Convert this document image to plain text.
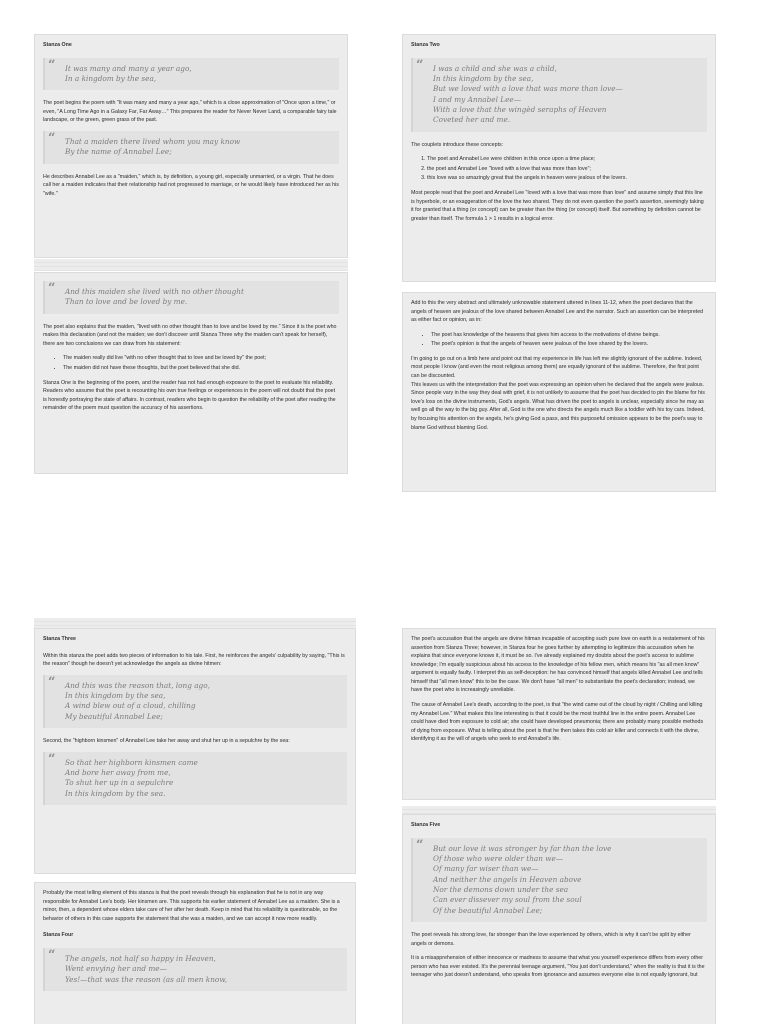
Stanza One
“ It was many and many a year ago,
In a kingdom by the sea,

The poet begins the poem with "It was many and many a year ago," which is a close approximation of "Once upon a time," or even, "A Long Time Ago in a Galaxy Far, Far Away…" This prepares the reader for Never Never Land, a comparable fairy tale landscape, or the green, green grass of the past.

“ That a maiden there lived whom you may know
By the name of Annabel Lee;

He describes Annabel Lee as a "maiden," which is, by definition, a young girl, especially unmarried, or a virgin. That he does call her a maiden indicates that their relationship had not progressed to marriage, or he would likely have introduced her as his "wife."

“ And this maiden she lived with no other thought
Than to love and be loved by me.

The poet also explains that the maiden, "lived with no other thought than to love and be loved by me." Since it is the poet who makes this declaration (and not the maiden; we don't discover until Stanza Three why the maiden can't speak for herself), there are two conclusions we can draw from his statement:

• The maiden really did live "with no other thought that to love and be loved by" the poet;
• The maiden did not have these thoughts, but the poet believed that she did.

Stanza One is the beginning of the poem, and the reader has not had enough exposure to the poet to evaluate his reliability. Readers who assume that the poet is recounting his own true feelings or experiences in the poem will not doubt that the poet is honestly portraying the state of affairs. In contrast, readers who begin to question the reliability of the poet after reading the remainder of the poem must question the accuracy of his assertions.

Stanza Two
“ I was a child and she was a child,
In this kingdom by the sea,
But we loved with a love that was more than love—
I and my Annabel Lee—
With a love that the wingèd seraphs of Heaven
Coveted her and me.

The couplets introduce these concepts:

1. The poet and Annabel Lee were children in this once upon a time place;
2. the poet and Annabel Lee "loved with a love that was more than love";
3. this love was so amazingly great that the angels in heaven were jealous of the lovers.

Most people read that the poet and Annabel Lee "loved with a love that was more than love" and assume simply that this line is hyperbole, or an exaggeration of the love the two shared. They do not even question the poet's assertion, seemingly taking it for granted that a thing (or concept) can be greater than the thing (or concept) itself. But something by definition cannot be greater than itself. The formula 1 > 1 results in a logical error.

Add to this the very abstract and ultimately unknowable statement uttered in lines 11-12, when the poet declares that the angels of heaven are jealous of the love shared between Annabel Lee and the narrator. Such an assertion can be interpreted as either fact or opinion, as in:

• The poet has knowledge of the heavens that gives him access to the motivations of divine beings.
• The poet's opinion is that the angels of heaven were jealous of the love shared by the lovers.

I'm going to go out on a limb here and point out that my experience in life has left me slightly ignorant of the sublime. Indeed, most people I know (and even the most religious among them) are equally ignorant of the sublime. Therefore, the first point can be discounted.

This leaves us with the interpretation that the poet was expressing an opinion when he declared that the angels were jealous. Since people vary in the way they deal with grief, it is not unlikely to assume that the poet has decided to pin the blame for his love's loss on the divine instruments, God's angels. What has driven the poet to angels is unclear, especially since he may as well go all the way to the big guy. After all, God is the one who directs the angels much like a toddler with his toy cars. Indeed, by focusing his attention on the angels, he's giving God a pass, and this purposeful omission appears to be the poet's way to blame God without blaming God.

Stanza Three

Within this stanza the poet adds two pieces of information to his tale. First, he reinforces the angels' culpability by saying, "This is the reason" though he doesn't yet acknowledge the angels as divine hitmen:

“ And this was the reason that, long ago,
In this kingdom by the sea,
A wind blew out of a cloud, chilling
My beautiful Annabel Lee;

Second, the "highborn kinsmen" of Annabel Lee take her away and shut her up in a sepulchre by the sea:

“ So that her highborn kinsmen came
And bore her away from me,
To shut her up in a sepulchre
In this kingdom by the sea.

Probably the most telling element of this stanza is that the poet reveals through his explanation that he is not in any way responsible for Annabel Lee's body. Her kinsmen are. This supports his earlier statement of Annabel Lee as a maiden. She is a minor, then, a dependent whose elders take care of her after her death. Keep in mind that his reliability is questionable, so the behavior of others in this case supports the statement that she was a maiden, and we can accept it now more readily.

Stanza Four
“ The angels, not half so happy in Heaven,
Went envying her and me—
Yes!—that was the reason (as all men know,

The poet's accusation that the angels are divine hitman incapable of accepting such pure love on earth is a restatement of his assertion from Stanza Three; however, in Stanza four he goes further by attempting to legitimize this accusation when he explains that since everyone knows it, it must be so. I've already explained my doubts about the poet's access to sublime knowledge; I'm equally suspicious about his access to the knowledge of his fellow men, which means his "as all men know" argument is equally faulty. I interpret this as self-deception: he has convinced himself that angels killed Annabel Lee and tells himself that "all men know" this to be the case. We don't have "all men" to substantiate the poet's declaration; instead, we have the poet who is increasingly unreliable.

The cause of Annabel Lee's death, according to the poet, is that "the wind came out of the cloud by night / Chilling and killing my Annabel Lee." What makes this line interesting is that it could be the most truthful line in the entire poem. Annabel Lee could have died from exposure to cold air; she could have developed pneumonia; there are probably many possible methods of dying from exposure. What is telling about the poet is that he then takes this cold air killer and connects it with the divine, identifying it as the will of angels who seek to end Annabel's life.

Stanza Five
“ But our love it was stronger by far than the love
Of those who were older than we—
Of many far wiser than we—
And neither the angels in Heaven above
Nor the demons down under the sea
Can ever dissever my soul from the soul
Of the beautiful Annabel Lee;

The poet reveals his strong love, far stronger than the love experienced by others, which is why it can't be split by either angels or demons.

It is a misapprehension of either innocence or madness to assume that what you yourself experience differs from every other person who has ever existed. It's the perennial teenage argument, "You just don't understand," when the reality is that it is the teenager who just doesn't understand, who speaks from ignorance and assumes everyone else is not equally ignorant, but
